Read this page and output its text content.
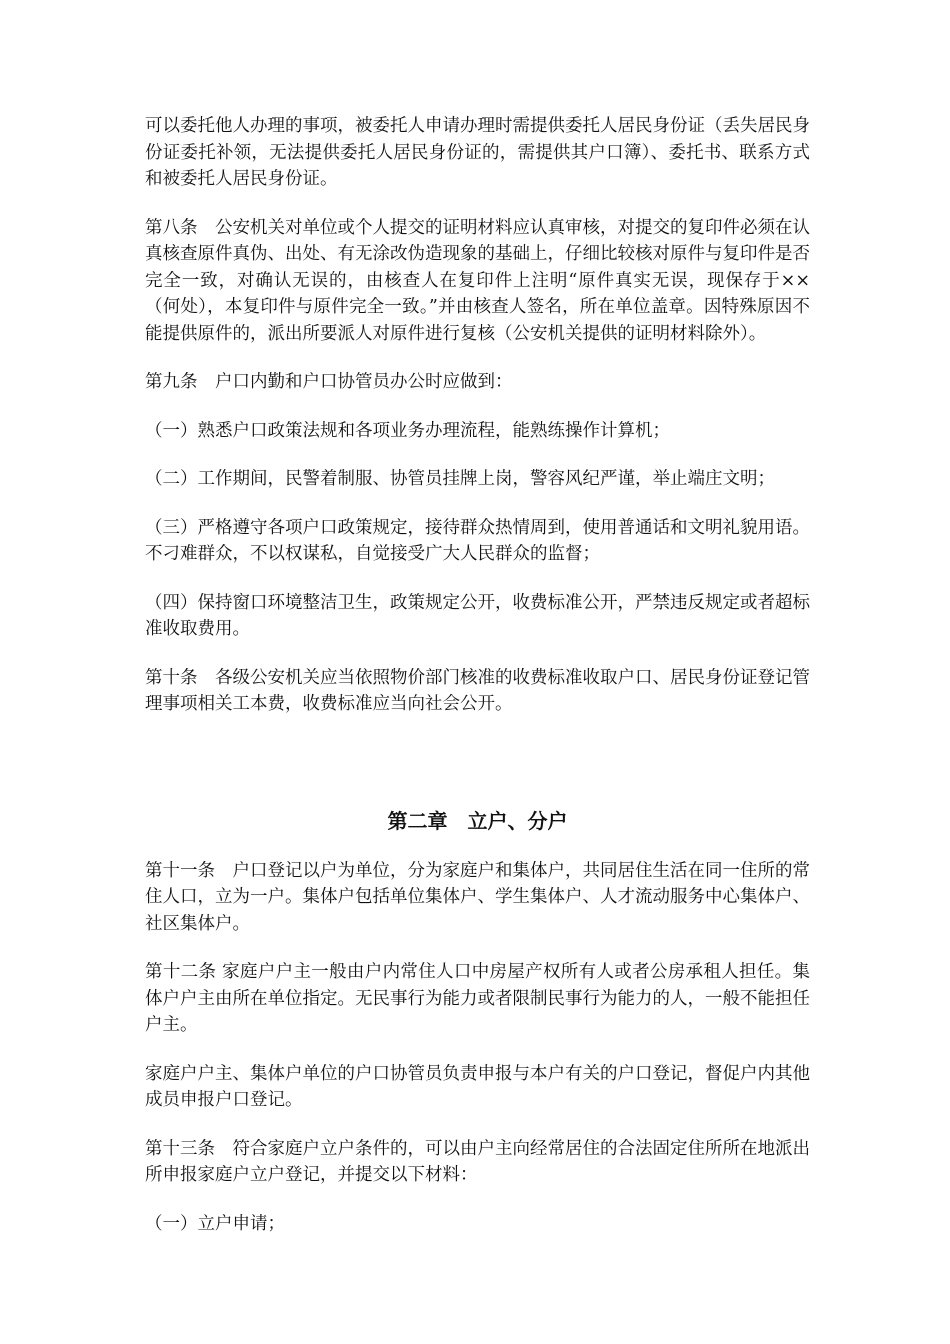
可以委托他人办理的事项，被委托人申请办理时需提供委托人居民身份证（丢失居民身份证委托补领，无法提供委托人居民身份证的，需提供其户口簿）、委托书、联系方式和被委托人居民身份证。

第八条　公安机关对单位或个人提交的证明材料应认真审核，对提交的复印件必须在认真核查原件真伪、出处、有无涂改伪造现象的基础上，仔细比较核对原件与复印件是否完全一致，对确认无误的，由核查人在复印件上注明“原件真实无误，现保存于××（何处），本复印件与原件完全一致。”并由核查人签名，所在单位盖章。因特殊原因不能提供原件的，派出所要派人对原件进行复核（公安机关提供的证明材料除外）。

第九条　户口内勤和户口协管员办公时应做到：

（一）熟悉户口政策法规和各项业务办理流程，能熟练操作计算机；

（二）工作期间，民警着制服、协管员挂牌上岗，警容风纪严谨，举止端庄文明；

（三）严格遵守各项户口政策规定，接待群众热情周到，使用普通话和文明礼貌用语。不刁难群众，不以权谋私，自觉接受广大人民群众的监督；

（四）保持窗口环境整洁卫生，政策规定公开，收费标准公开，严禁违反规定或者超标准收取费用。

第十条　各级公安机关应当依照物价部门核准的收费标准收取户口、居民身份证登记管理事项相关工本费，收费标准应当向社会公开。

第二章　立户、分户

第十一条　户口登记以户为单位，分为家庭户和集体户，共同居住生活在同一住所的常住人口，立为一户。集体户包括单位集体户、学生集体户、人才流动服务中心集体户、社区集体户。

第十二条 家庭户户主一般由户内常住人口中房屋产权所有人或者公房承租人担任。集体户户主由所在单位指定。无民事行为能力或者限制民事行为能力的人，一般不能担任户主。

家庭户户主、集体户单位的户口协管员负责申报与本户有关的户口登记，督促户内其他成员申报户口登记。

第十三条　符合家庭户立户条件的，可以由户主向经常居住的合法固定住所所在地派出所申报家庭户立户登记，并提交以下材料：

（一）立户申请；
